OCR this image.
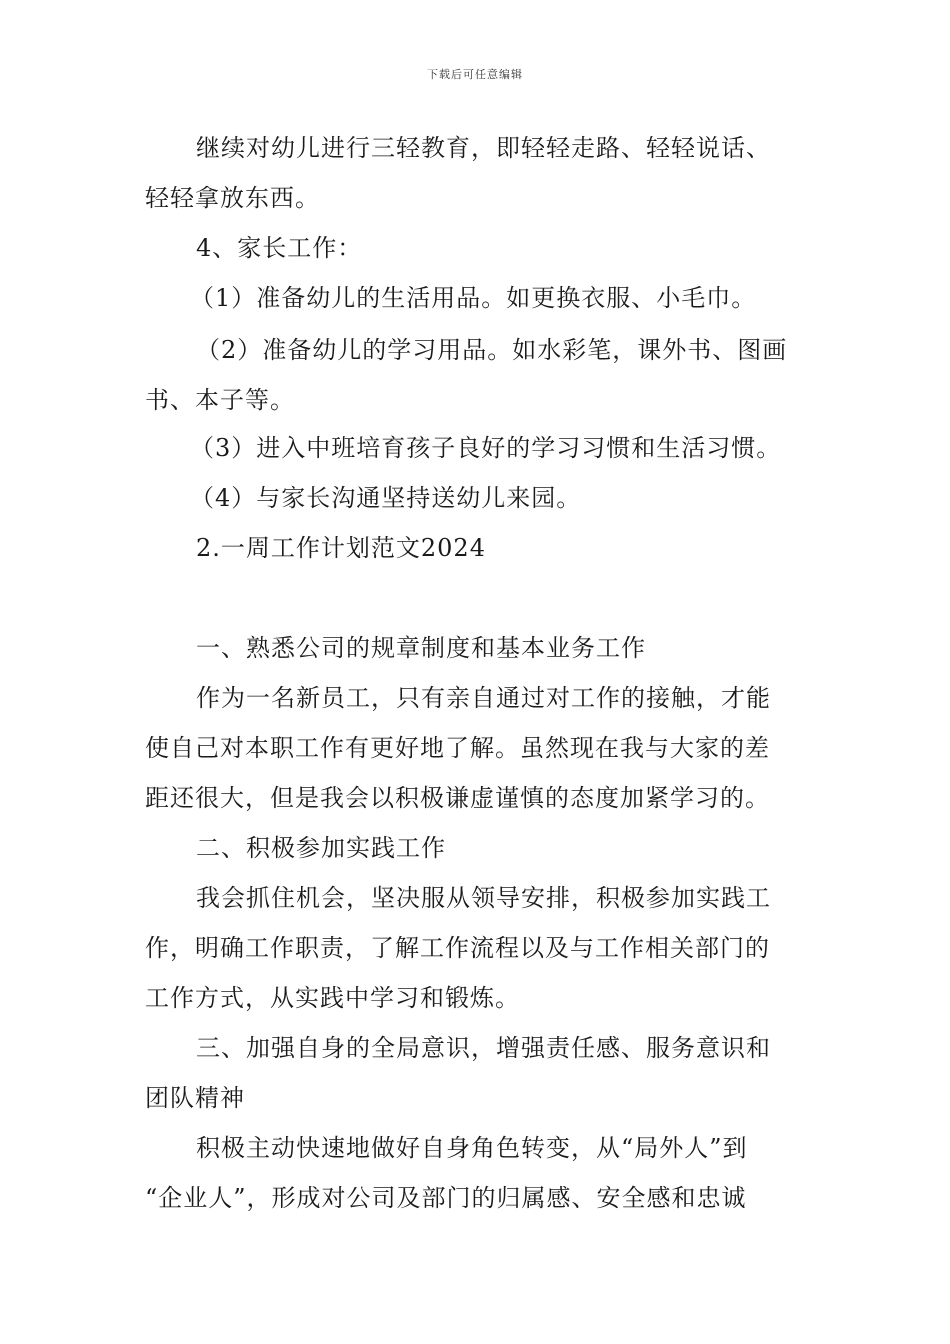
下载后可任意编辑
继续对幼儿进行三轻教育，即轻轻走路、轻轻说话、
轻轻拿放东西。
4、家长工作：
（1）准备幼儿的生活用品。如更换衣服、小毛巾。
（2）准备幼儿的学习用品。如水彩笔，课外书、图画
书、本子等。
（3）进入中班培育孩子良好的学习习惯和生活习惯。
（4）与家长沟通坚持送幼儿来园。
2.一周工作计划范文2024
一、熟悉公司的规章制度和基本业务工作
作为一名新员工，只有亲自通过对工作的接触，才能
使自己对本职工作有更好地了解。虽然现在我与大家的差
距还很大，但是我会以积极谦虚谨慎的态度加紧学习的。
二、积极参加实践工作
我会抓住机会，坚决服从领导安排，积极参加实践工
作，明确工作职责，了解工作流程以及与工作相关部门的
工作方式，从实践中学习和锻炼。
三、加强自身的全局意识，增强责任感、服务意识和
团队精神
积极主动快速地做好自身角色转变，从“局外人”到
“企业人”，形成对公司及部门的归属感、安全感和忠诚
